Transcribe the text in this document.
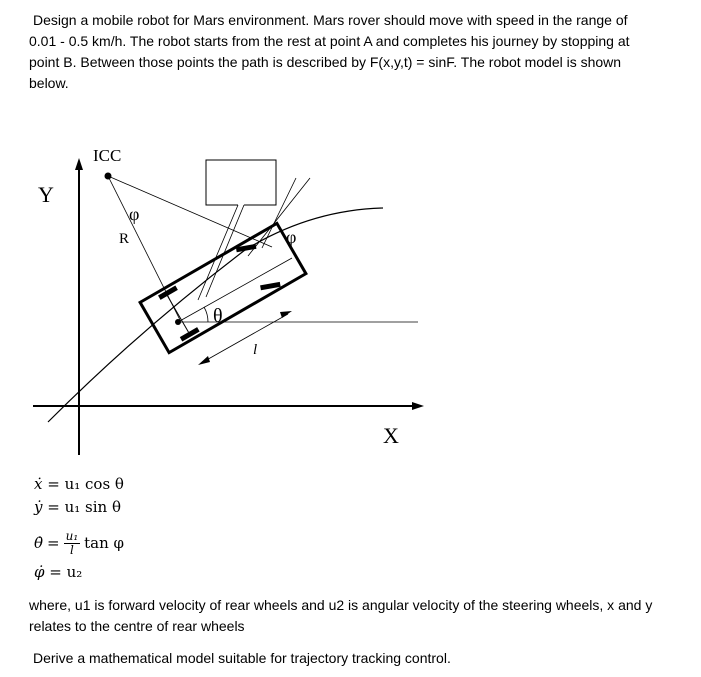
Design a mobile robot for Mars environment. Mars rover should move with speed in the range of
0.01 - 0.5 km/h. The robot starts from the rest at point A and completes his journey by stopping at
point B. Between those points the path is described by F(x,y,t) = sinF. The robot model is shown
below.
Y
X
ICC
φ
R
θ
φ
l
ẋ = u₁ cos θ
ẏ = u₁ sin θ
θ̇ = $\frac{\text{u₁}}{l}$ tan φ
φ̇ = u₂
where, u1 is forward velocity of rear wheels and u2 is angular velocity of the steering wheels, x and y
relates to the centre of rear wheels
Derive a mathematical model suitable for trajectory tracking control.
